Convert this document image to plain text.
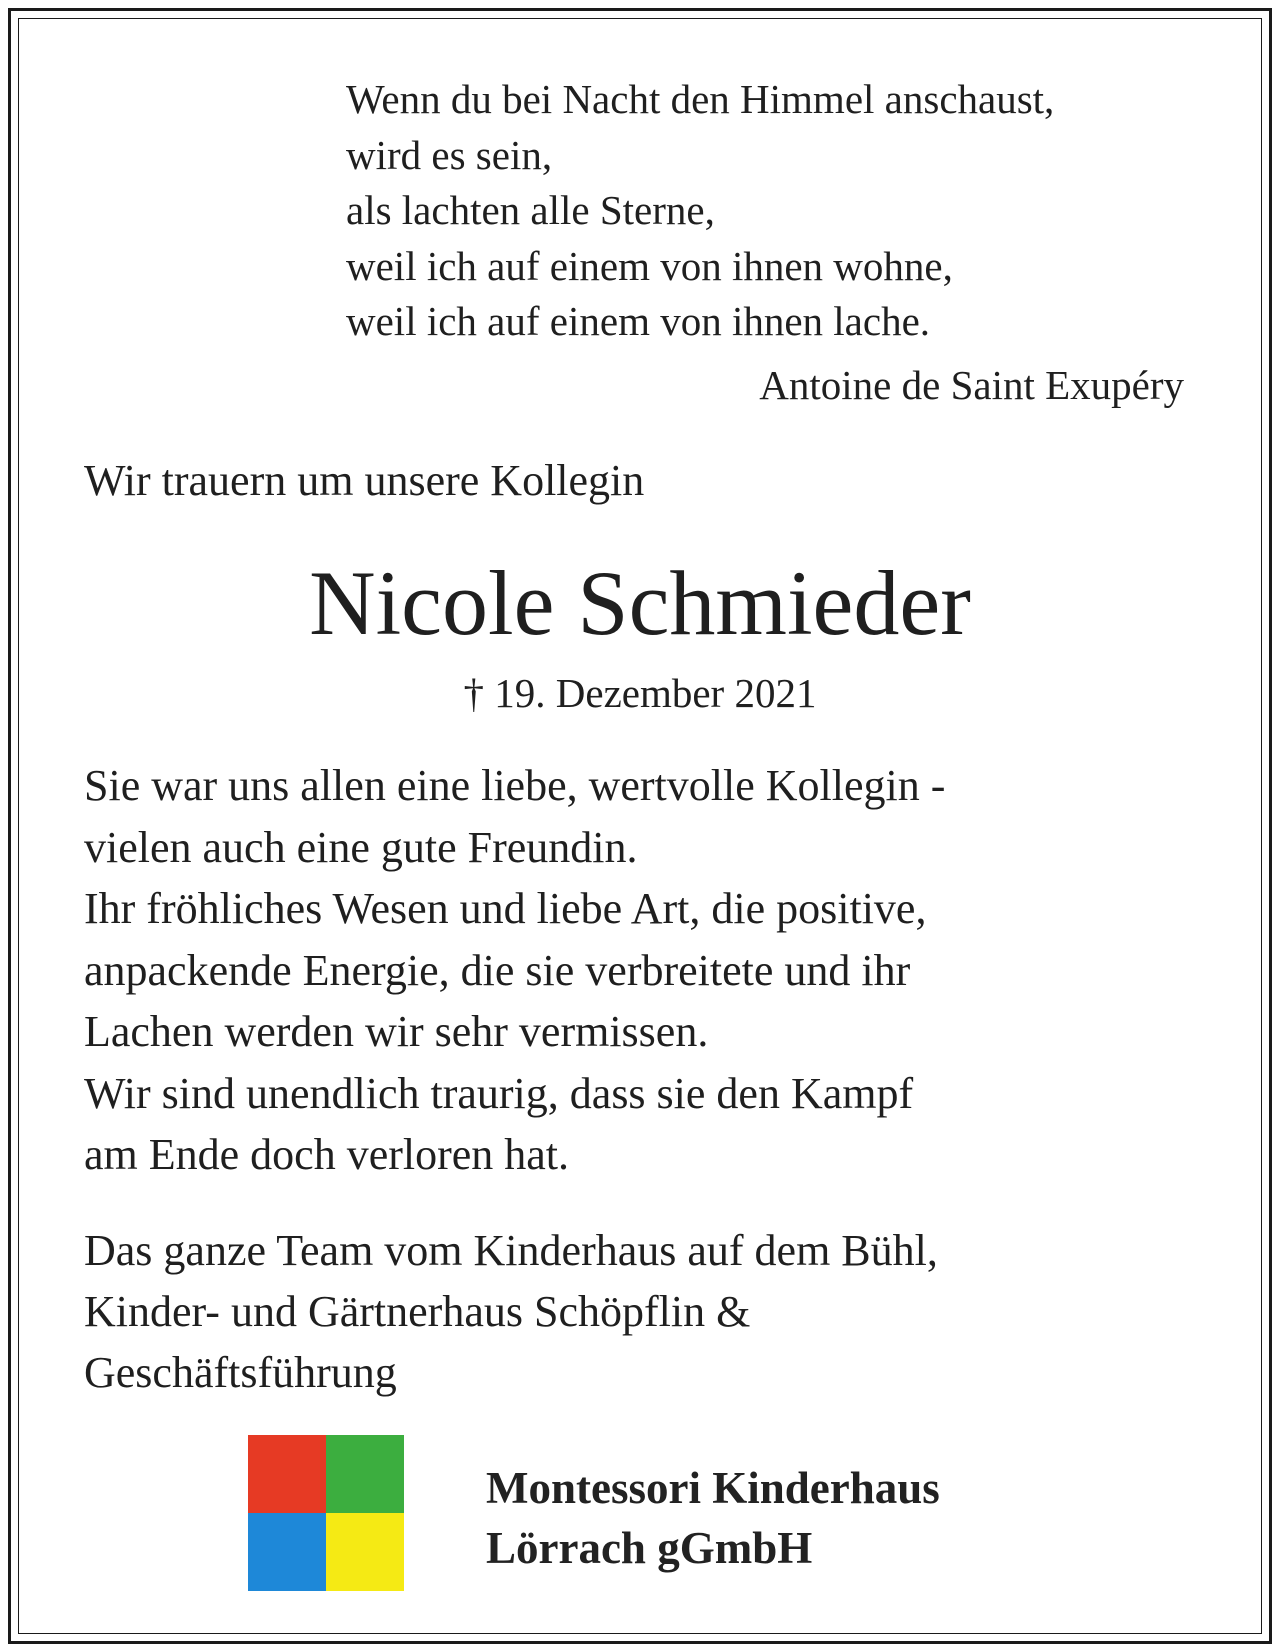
Wenn du bei Nacht den Himmel anschaust,
wird es sein,
als lachten alle Sterne,
weil ich auf einem von ihnen wohne,
weil ich auf einem von ihnen lache.
Antoine de Saint Exupéry
Wir trauern um unsere Kollegin
Nicole Schmieder
† 19. Dezember 2021
Sie war uns allen eine liebe, wertvolle Kollegin -
vielen auch eine gute Freundin.
Ihr fröhliches Wesen und liebe Art, die positive,
anpackende Energie, die sie verbreitete und ihr
Lachen werden wir sehr vermissen.
Wir sind unendlich traurig, dass sie den Kampf
am Ende doch verloren hat.
Das ganze Team vom Kinderhaus auf dem Bühl,
Kinder- und Gärtnerhaus Schöpflin &
Geschäftsführung
Montessori Kinderhaus
Lörrach gGmbH
